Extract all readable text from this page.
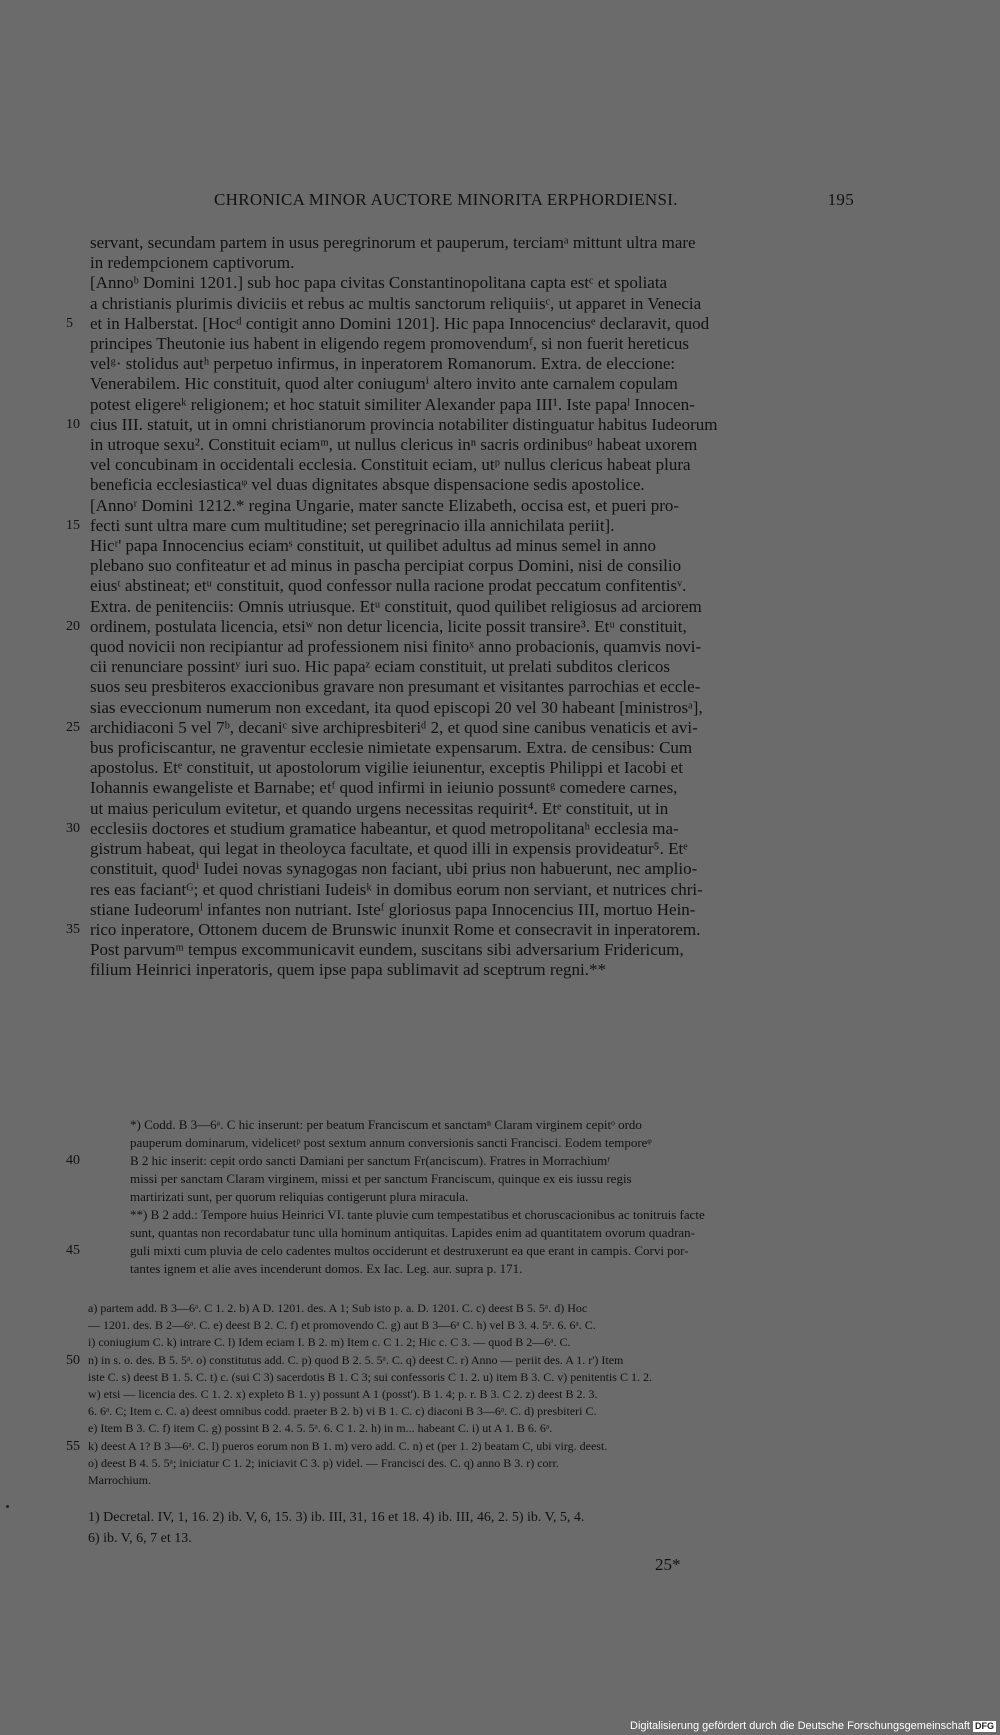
CHRONICA MINOR AUCTORE MINORITA ERPHORDIENSI.	195
servant, secundam partem in usus peregrinorum et pauperum, terciamᵃ mittunt ultra mare
in redempcionem captivorum.
[Annoᵇ Domini 1201.] sub hoc papa civitas Constantinopolitana capta estᶜ et spoliata
a christianis plurimis diviciis et rebus ac multis sanctorum reliquiisᶜ, ut apparet in Venecia
5 et in Halberstat. [Hocᵈ contigit anno Domini 1201]. Hic papa Innocenciusᵉ declaravit, quod
principes Theutonie ius habent in eligendo regem promovendumᶠ, si non fuerit hereticus
velᵍ· stolidus autʰ perpetuo infirmus, in inperatorem Romanorum. Extra. de eleccione:
Venerabilem. Hic constituit, quod alter coniugumⁱ altero invito ante carnalem copulam
potest eligereᵏ religionem; et hoc statuit similiter Alexander papa III¹. Iste papaˡ Innocen-
10 cius III. statuit, ut in omni christianorum provincia notabiliter distinguatur habitus Iudeorum
in utroque sexu². Constituit eciamᵐ, ut nullus clericus inⁿ sacris ordinibusᵒ habeat uxorem
vel concubinam in occidentali ecclesia. Constituit eciam, utᵖ nullus clericus habeat plura
beneficia ecclesiasticaᵠ vel duas dignitates absque dispensacione sedis apostolice.
[Annoʳ Domini 1212.* regina Ungarie, mater sancte Elizabeth, occisa est, et pueri pro-
15 fecti sunt ultra mare cum multitudine; set peregrinacio illa annichilata periit].
Hicʳ' papa Innocencius eciamˢ constituit, ut quilibet adultus ad minus semel in anno
plebano suo confiteatur et ad minus in pascha percipiat corpus Domini, nisi de consilio
eiusᵗ abstineat; etᵘ constituit, quod confessor nulla racione prodat peccatum confitentisᵛ.
Extra. de penitenciis: Omnis utriusque. Etᵘ constituit, quod quilibet religiosus ad arciorem
20 ordinem, postulata licencia, etsiʷ non detur licencia, licite possit transire³. Etᵘ constituit,
quod novicii non recipiantur ad professionem nisi finitoˣ anno probacionis, quamvis novi-
cii renunciare possintʸ iuri suo. Hic papaᶻ eciam constituit, ut prelati subditos clericos
suos seu presbiteros exaccionibus gravare non presumant et visitantes parrochias et eccle-
sias eveccionum numerum non excedant, ita quod episcopi 20 vel 30 habeant [ministrosᵃ],
25 archidiaconi 5 vel 7ᵇ, decaniᶜ sive archipresbiteriᵈ 2, et quod sine canibus venaticis et avi-
bus proficiscantur, ne graventur ecclesie nimietate expensarum. Extra. de censibus: Cum
apostolus. Etᵉ constituit, ut apostolorum vigilie ieiunentur, exceptis Philippi et Iacobi et
Iohannis ewangeliste et Barnabe; etᶠ quod infirmi in ieiunio possuntᵍ comedere carnes,
ut maius periculum evitetur, et quando urgens necessitas requirit⁴. Etᵉ constituit, ut in
30 ecclesiis doctores et studium gramatice habeantur, et quod metropolitanaʰ ecclesia ma-
gistrum habeat, qui legat in theoloyca facultate, et quod illi in expensis provideatur⁵. Etᵉ
constituit, quodⁱ Iudei novas synagogas non faciant, ubi prius non habuerunt, nec amplio-
res eas faciantᴳ; et quod christiani Iudeisᵏ in domibus eorum non serviant, et nutrices chri-
stiane Iudeorumˡ infantes non nutriant. Isteᶠ gloriosus papa Innocencius III, mortuo Hein-
35 rico inperatore, Ottonem ducem de Brunswic inunxit Rome et consecravit in inperatorem.
Post parvumᵐ tempus excommunicavit eundem, suscitans sibi adversarium Fridericum,
filium Heinrici inperatoris, quem ipse papa sublimavit ad sceptrum regni.**
*) Codd. B 3—6ᵃ. C hic inserunt: per beatum Franciscum et sanctamⁿ Claram virginem cepitᵒ ordo
pauperum dominarum, videlicetᵖ post sextum annum conversionis sancti Francisci. Eodem temporeᵠ
40	B 2 hic inserit: cepit ordo sancti Damiani per sanctum Fr(anciscum). Fratres in Morrachiumʳ
missi per sanctam Claram virginem, missi et per sanctum Franciscum, quinque ex eis iussu regis
martirizati sunt, per quorum reliquias contigerunt plura miracula.
**) B 2 add.: Tempore huius Heinrici VI. tante pluvie cum tempestatibus et choruscacionibus ac tonitruis facte
sunt, quantas non recordabatur tunc ulla hominum antiquitas. Lapides enim ad quantitatem ovorum quadran-
45	guli mixti cum pluvia de celo cadentes multos occiderunt et destruxerunt ea que erant in campis. Corvi por-
tantes ignem et alie aves incenderunt domos. Ex Iac. Leg. aur. supra p. 171.
a) partem add. B 3—6ᵃ. C 1. 2. b) A D. 1201. des. A 1; Sub isto p. a. D. 1201. C. c) deest B 5. 5ᵃ. d) Hoc
— 1201. des. B 2—6ᵃ. C. e) deest B 2. C. f) et promovendo C. g) aut B 3—6ᵃ C. h) vel B 3. 4. 5ᵃ. 6. 6ᵃ. C.
i) coniugium C. k) intrare C. l) Idem eciam I. B 2. m) Item c. C 1. 2; Hic c. C 3. — quod B 2—6ᵃ. C.
50 n) in s. o. des. B 5. 5ᵃ. o) constitutus add. C. p) quod B 2. 5. 5ᵃ. C. q) deest C. r) Anno — periit des. A 1. r') Item
iste C. s) deest B 1. 5. C. t) c. (sui C 3) sacerdotis B 1. C 3; sui confessoris C 1. 2. u) item B 3. C. v) penitentis C 1. 2.
w) etsi — licencia des. C 1. 2. x) expleto B 1. y) possunt A 1 (posst'). B 1. 4; p. r. B 3. C 2. z) deest B 2. 3.
6. 6ᵃ. C; Item c. C. a) deest omnibus codd. praeter B 2. b) vi B 1. C. c) diaconi B 3—6ᵃ. C. d) presbiteri C.
e) Item B 3. C. f) item C. g) possint B 2. 4. 5. 5ᵃ. 6. C 1. 2. h) in m... habeant C. i) ut A 1. B 6. 6ᵃ.
55 k) deest A 1? B 3—6ᵃ. C. l) pueros eorum non B 1. m) vero add. C. n) et (per 1. 2) beatam C, ubi virg. deest.
o) deest B 4. 5. 5ᵃ; iniciatur C 1. 2; iniciavit C 3. p) videl. — Francisci des. C. q) anno B 3. r) corr.
Marrochium.
1) Decretal. IV, 1, 16. 2) ib. V, 6, 15. 3) ib. III, 31, 16 et 18. 4) ib. III, 46, 2. 5) ib. V, 5, 4.
6) ib. V, 6, 7 et 13.
25*
Digitalisierung gefördert durch die Deutsche Forschungsgemeinschaft DFG
